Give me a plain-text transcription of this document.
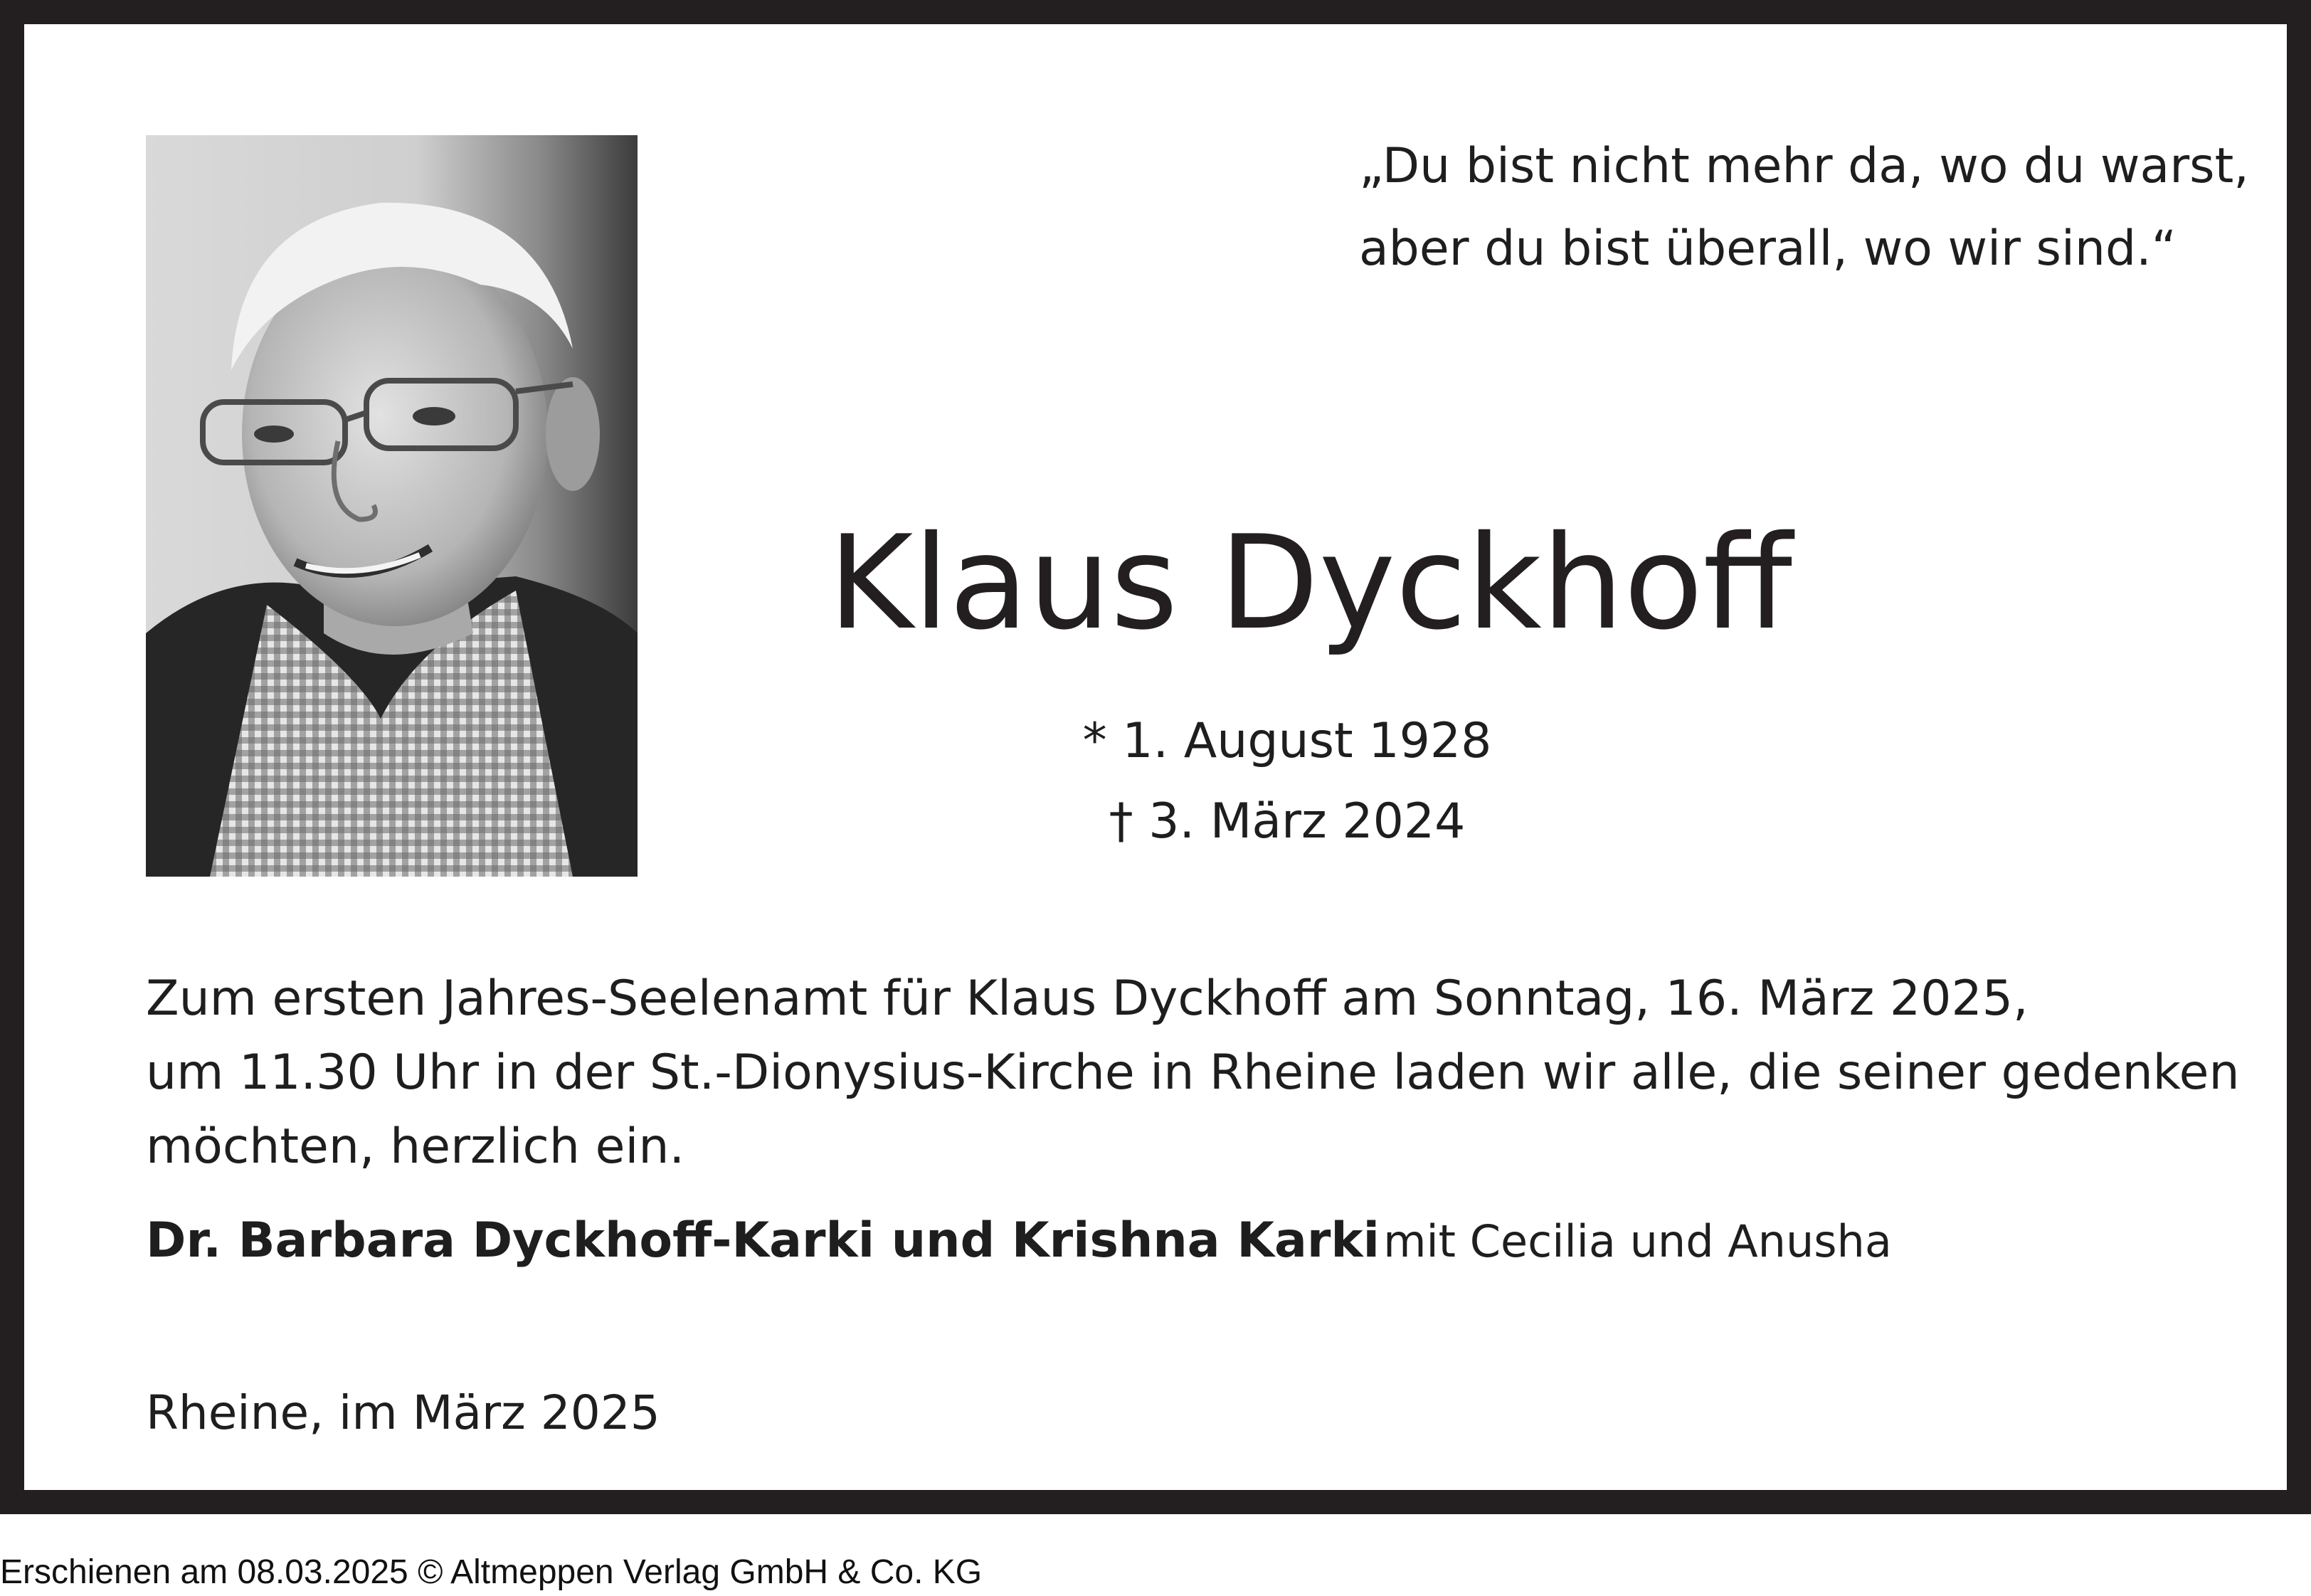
„Du bist nicht mehr da, wo du warst,
aber du bist überall, wo wir sind.“
Klaus Dyckhoff
* 1. August 1928
† 3. März 2024
Zum ersten Jahres-Seelenamt für Klaus Dyckhoff am Sonntag, 16. März 2025,
um 11.30 Uhr in der St.-Dionysius-Kirche in Rheine laden wir alle, die seiner gedenken
möchten, herzlich ein.
Dr. Barbara Dyckhoff-Karki und Krishna Karki mit Cecilia und Anusha
Rheine, im März 2025
Erschienen am 08.03.2025 © Altmeppen Verlag GmbH & Co. KG
